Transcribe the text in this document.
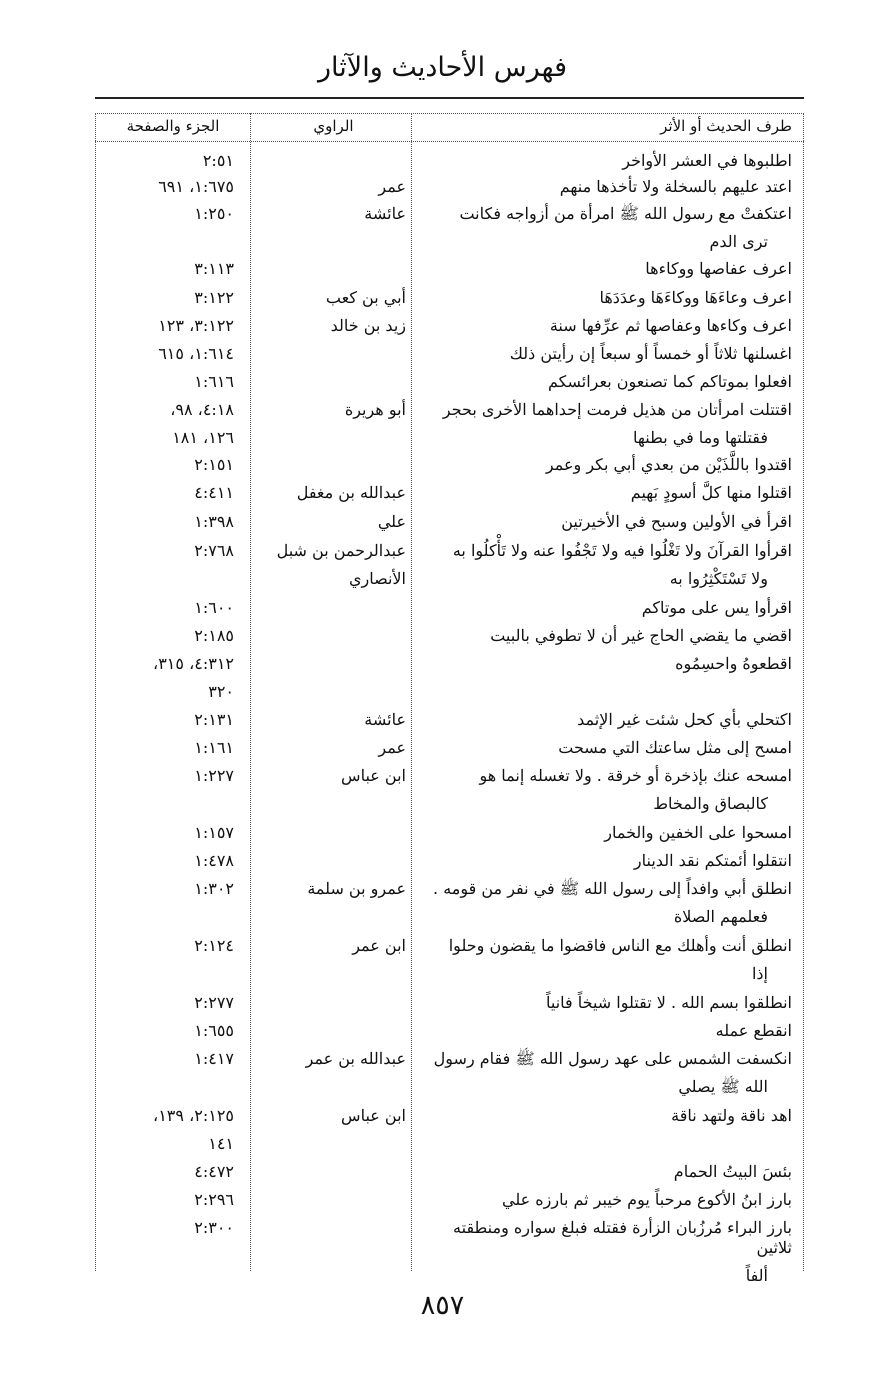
فهرس الأحاديث والآثار
طرف الحديث أو الأثر
الراوي
الجزء والصفحة
اطلبوها في العشر الأواخر
٢:٥١
اعتد عليهم بالسخلة ولا تأخذها منهم
عمر
١:٦٧٥، ٦٩١
اعتكفتْ مع رسول الله ﷺ امرأة من أزواجه فكانت
ترى الدم
عائشة
١:٢٥٠
اعرف عفاصها ووكاءها
٣:١١٣
اعرف وعاءَهَا ووكاءَهَا وعدَدَهَا
أبي بن كعب
٣:١٢٢
اعرف وكاءها وعفاصها ثم عرِّفها سنة
زيد بن خالد
٣:١٢٢، ١٢٣
اغسلنها ثلاثاً أو خمساً أو سبعاً إن رأيتن ذلك
١:٦١٤، ٦١٥
افعلوا بموتاكم كما تصنعون بعرائسكم
١:٦١٦
اقتتلت امرأتان من هذيل فرمت إحداهما الأخرى بحجر
فقتلتها وما في بطنها
أبو هريرة
٤:١٨، ٩٨،
١٢٦، ١٨١
اقتدوا باللَّذَيْن من بعدي أبي بكر وعمر
٢:١٥١
اقتلوا منها كلَّ أسودٍ بَهيم
عبدالله بن مغفل
٤:٤١١
اقرأ في الأولين وسبح في الأخيرتين
علي
١:٣٩٨
اقرأوا القرآنَ ولا تَغْلُوا فيه ولا تَجْفُوا عنه ولا تَأْكلُوا به
ولا تَسْتَكْثِرُوا به
عبدالرحمن بن شبل
الأنصاري
٢:٧٦٨
اقرأوا يس على موتاكم
١:٦٠٠
اقضي ما يقضي الحاج غير أن لا تطوفي بالبيت
٢:١٨٥
اقطعوهُ واحسِمُوه
٤:٣١٢، ٣١٥،
٣٢٠
اكتحلي بأي كحل شئت غير الإثمد
عائشة
٢:١٣١
امسح إلى مثل ساعتك التي مسحت
عمر
١:١٦١
امسحه عنك بإذخرة أو خرقة . ولا تغسله إنما هو
كالبصاق والمخاط
ابن عباس
١:٢٢٧
امسحوا على الخفين والخمار
١:١٥٧
انتقلوا أئمتكم نقد الدينار
١:٤٧٨
انطلق أبي وافداً إلى رسول الله ﷺ في نفر من قومه .
فعلمهم الصلاة
عمرو بن سلمة
١:٣٠٢
انطلق أنت وأهلك مع الناس فاقضوا ما يقضون وحلوا
إذا
ابن عمر
٢:١٢٤
انطلقوا بسم الله . لا تقتلوا شيخاً فانياً
٢:٢٧٧
انقطع عمله
١:٦٥٥
انكسفت الشمس على عهد رسول الله ﷺ فقام رسول
الله ﷺ يصلي
عبدالله بن عمر
١:٤١٧
اهد ناقة ولتهد ناقة
ابن عباس
٢:١٢٥، ١٣٩،
١٤١
بئسَ البيتُ الحمام
٤:٤٧٢
بارز ابنُ الأكوع مرحباً يوم خيبر ثم بارزه علي
٢:٢٩٦
بارز البراء مُرزُبان الزأرة فقتله فبلغ سواره ومنطقته ثلاثين
ألفاً
٢:٣٠٠
٨٥٧
